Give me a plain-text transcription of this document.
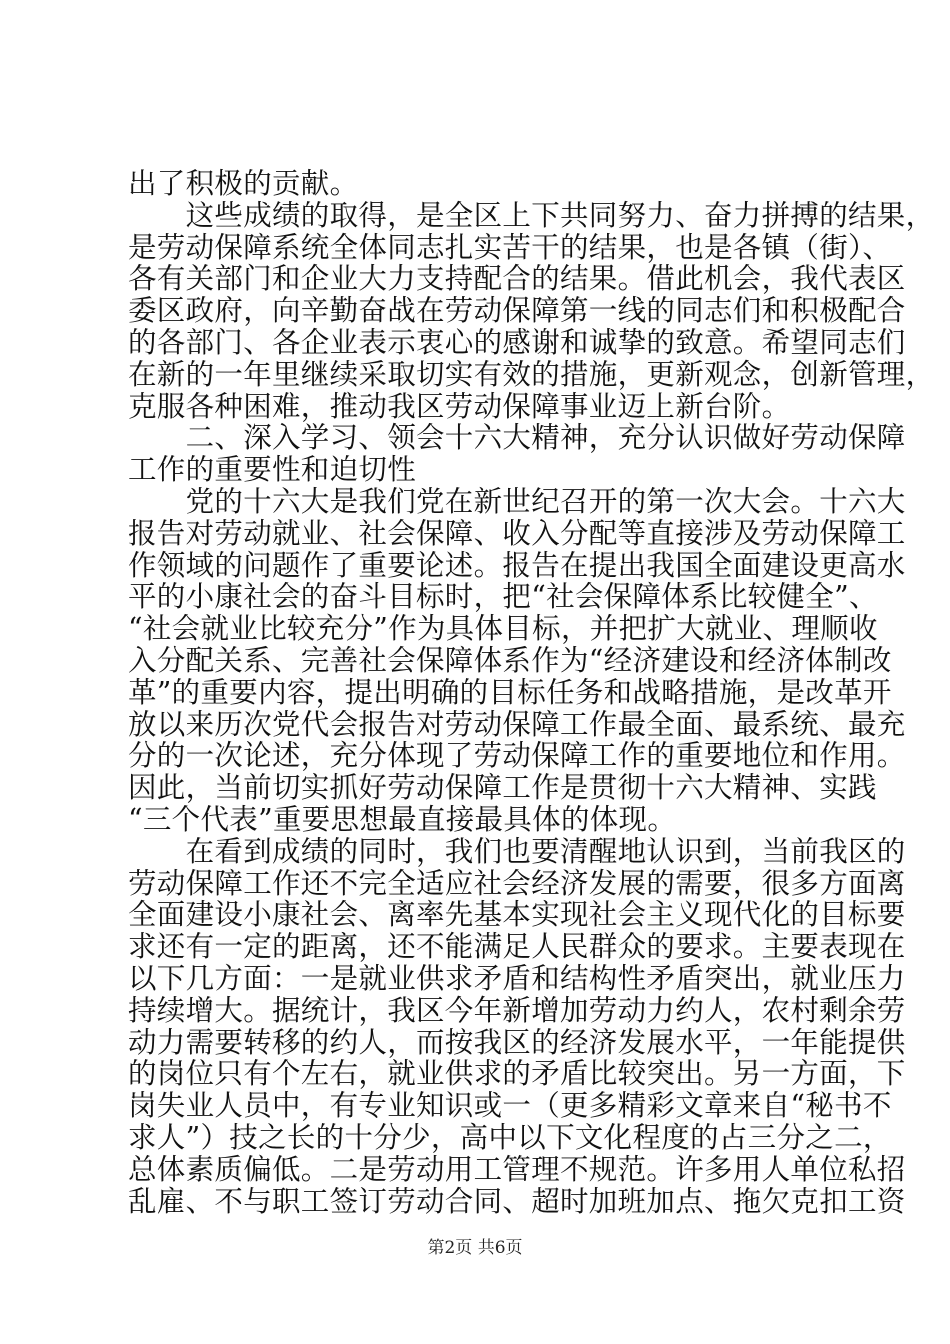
出了积极的贡献。
　　这些成绩的取得，是全区上下共同努力、奋力拼搏的结果，
是劳动保障系统全体同志扎实苦干的结果，也是各镇（街）、
各有关部门和企业大力支持配合的结果。借此机会，我代表区
委区政府，向辛勤奋战在劳动保障第一线的同志们和积极配合
的各部门、各企业表示衷心的感谢和诚挚的致意。希望同志们
在新的一年里继续采取切实有效的措施，更新观念，创新管理，
克服各种困难，推动我区劳动保障事业迈上新台阶。
　　二、深入学习、领会十六大精神，充分认识做好劳动保障
工作的重要性和迫切性
　　党的十六大是我们党在新世纪召开的第一次大会。十六大
报告对劳动就业、社会保障、收入分配等直接涉及劳动保障工
作领域的问题作了重要论述。报告在提出我国全面建设更高水
平的小康社会的奋斗目标时，把“社会保障体系比较健全”、
“社会就业比较充分”作为具体目标，并把扩大就业、理顺收
入分配关系、完善社会保障体系作为“经济建设和经济体制改
革”的重要内容，提出明确的目标任务和战略措施，是改革开
放以来历次党代会报告对劳动保障工作最全面、最系统、最充
分的一次论述，充分体现了劳动保障工作的重要地位和作用。
因此，当前切实抓好劳动保障工作是贯彻十六大精神、实践
“三个代表”重要思想最直接最具体的体现。
　　在看到成绩的同时，我们也要清醒地认识到，当前我区的
劳动保障工作还不完全适应社会经济发展的需要，很多方面离
全面建设小康社会、离率先基本实现社会主义现代化的目标要
求还有一定的距离，还不能满足人民群众的要求。主要表现在
以下几方面：一是就业供求矛盾和结构性矛盾突出，就业压力
持续增大。据统计，我区今年新增加劳动力约人，农村剩余劳
动力需要转移的约人，而按我区的经济发展水平，一年能提供
的岗位只有个左右，就业供求的矛盾比较突出。另一方面，下
岗失业人员中，有专业知识或一（更多精彩文章来自“秘书不
求人”）技之长的十分少，高中以下文化程度的占三分之二，
总体素质偏低。二是劳动用工管理不规范。许多用人单位私招
乱雇、不与职工签订劳动合同、超时加班加点、拖欠克扣工资
第2页 共6页
